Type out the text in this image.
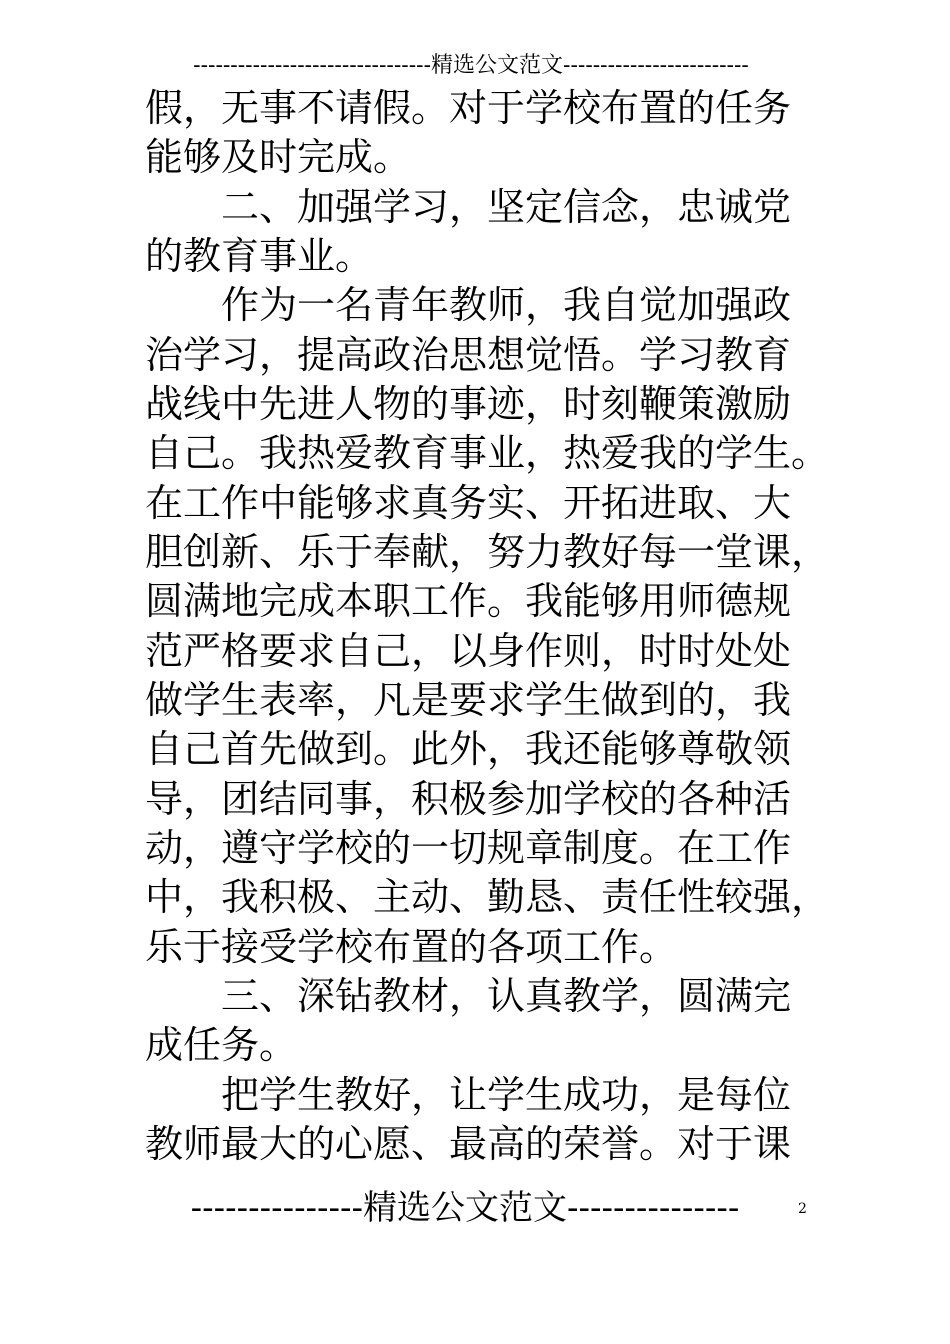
--------------------------------精选公文范文-------------------------
假，无事不请假。对于学校布置的任务
能够及时完成。
　　二、加强学习，坚定信念，忠诚党
的教育事业。
　　作为一名青年教师，我自觉加强政
治学习，提高政治思想觉悟。学习教育
战线中先进人物的事迹，时刻鞭策激励
自己。我热爱教育事业，热爱我的学生。
在工作中能够求真务实、开拓进取、大
胆创新、乐于奉献，努力教好每一堂课，
圆满地完成本职工作。我能够用师德规
范严格要求自己，以身作则，时时处处
做学生表率，凡是要求学生做到的，我
自己首先做到。此外，我还能够尊敬领
导，团结同事，积极参加学校的各种活
动，遵守学校的一切规章制度。在工作
中，我积极、主动、勤恳、责任性较强，
乐于接受学校布置的各项工作。
　　三、深钻教材，认真教学，圆满完
成任务。
　　把学生教好，让学生成功，是每位
教师最大的心愿、最高的荣誉。对于课
---------------精选公文范文---------------	2
